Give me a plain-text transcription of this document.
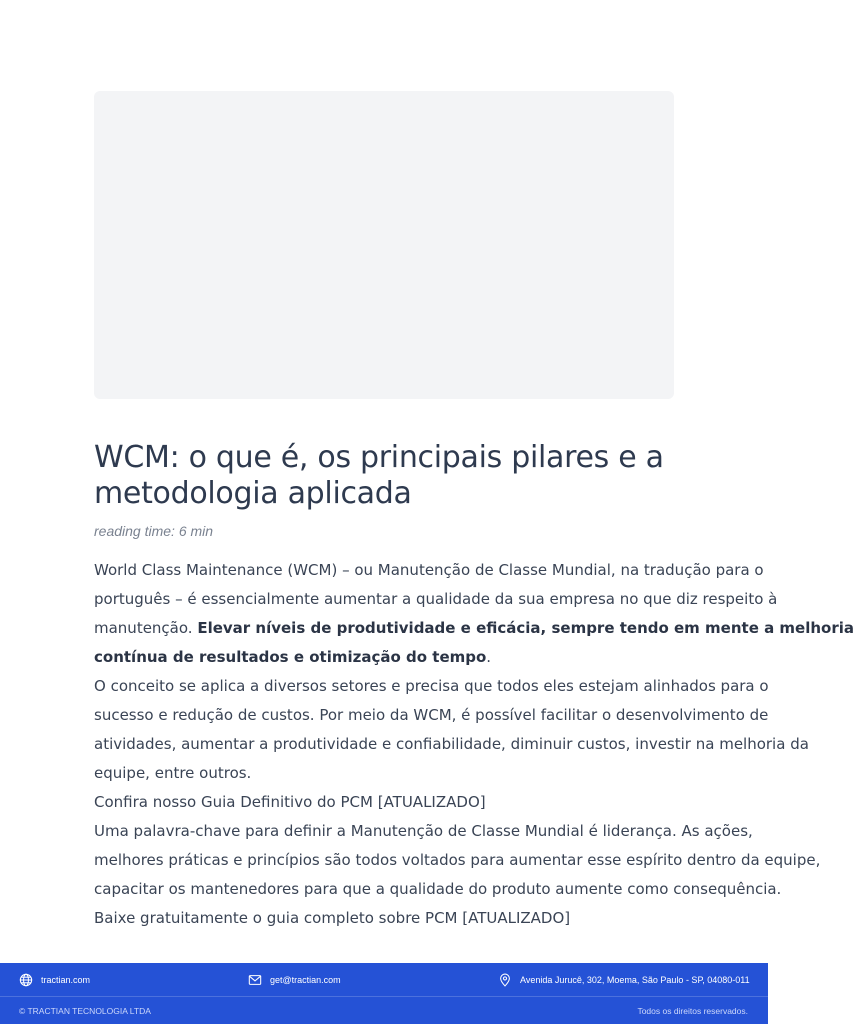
WCM: o que é, os principais pilares e a metodologia aplicada
reading time: 6 min
World Class Maintenance (WCM) – ou Manutenção de Classe Mundial, na tradução para o
português – é essencialmente aumentar a qualidade da sua empresa no que diz respeito à
manutenção. Elevar níveis de produtividade e eficácia, sempre tendo em mente a melhoria
contínua de resultados e otimização do tempo.
O conceito se aplica a diversos setores e precisa que todos eles estejam alinhados para o
sucesso e redução de custos. Por meio da WCM, é possível facilitar o desenvolvimento de
atividades, aumentar a produtividade e confiabilidade, diminuir custos, investir na melhoria da
equipe, entre outros.

Confira nosso Guia Definitivo do PCM [ATUALIZADO]

Uma palavra-chave para definir a Manutenção de Classe Mundial é liderança. As ações,
melhores práticas e princípios são todos voltados para aumentar esse espírito dentro da equipe,
capacitar os mantenedores para que a qualidade do produto aumente como consequência.

Baixe gratuitamente o guia completo sobre PCM [ATUALIZADO]

tractian.com	get@tractian.com	Avenida Jurucê, 302, Moema, São Paulo - SP, 04080-011
© TRACTIAN TECNOLOGIA LTDA	Todos os direitos reservados.
